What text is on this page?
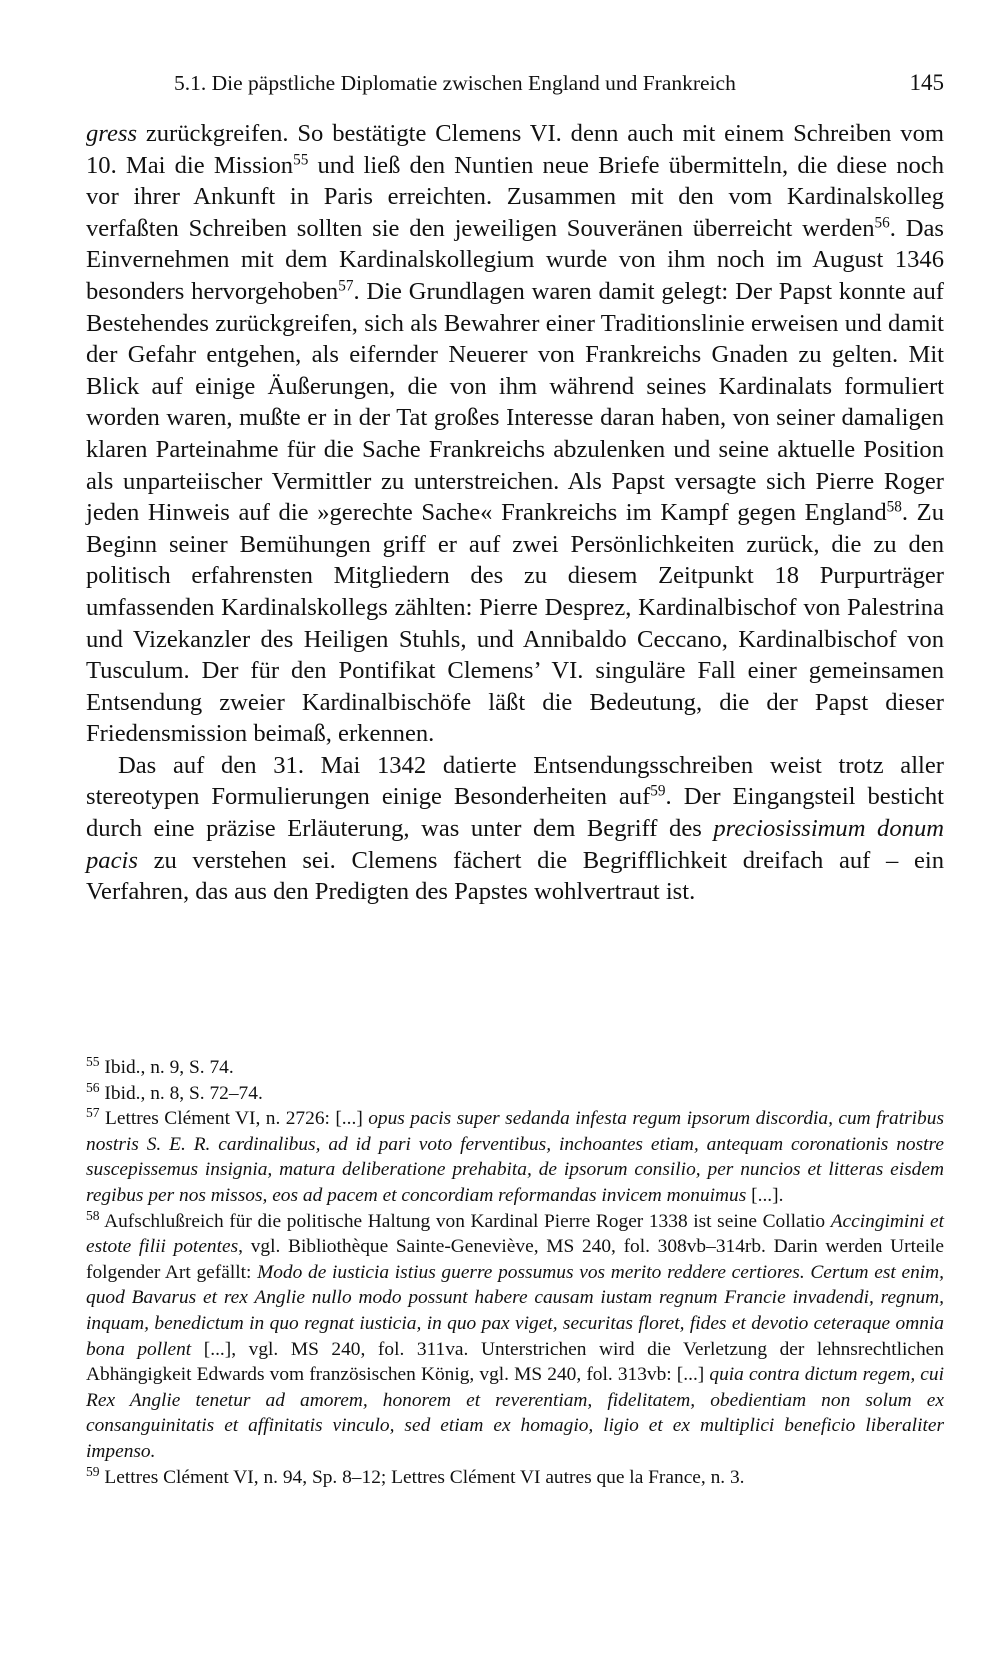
5.1. Die päpstliche Diplomatie zwischen England und Frankreich	145

gress zurückgreifen. So bestätigte Clemens VI. denn auch mit einem Schreiben vom 10. Mai die Mission$^{55}$ und ließ den Nuntien neue Briefe übermitteln, die diese noch vor ihrer Ankunft in Paris erreichten. Zusammen mit den vom Kardinalskolleg verfaßten Schreiben sollten sie den jeweiligen Souveränen überreicht werden$^{56}$. Das Einvernehmen mit dem Kardinalskollegium wurde von ihm noch im August 1346 besonders hervorgehoben$^{57}$. Die Grundlagen waren damit gelegt: Der Papst konnte auf Bestehendes zurückgreifen, sich als Bewahrer einer Traditionslinie erweisen und damit der Gefahr entgehen, als eifernder Neuerer von Frankreichs Gnaden zu gelten. Mit Blick auf einige Äußerungen, die von ihm während seines Kardinalats formuliert worden waren, mußte er in der Tat großes Interesse daran haben, von seiner damaligen klaren Parteinahme für die Sache Frankreichs abzulenken und seine aktuelle Position als unparteiischer Vermittler zu unterstreichen. Als Papst versagte sich Pierre Roger jeden Hinweis auf die »gerechte Sache« Frankreichs im Kampf gegen England$^{58}$. Zu Beginn seiner Bemühungen griff er auf zwei Persönlichkeiten zurück, die zu den politisch erfahrensten Mitgliedern des zu diesem Zeitpunkt 18 Purpurträger umfassenden Kardinalskollegs zählten: Pierre Desprez, Kardinalbischof von Palestrina und Vizekanzler des Heiligen Stuhls, und Annibaldo Ceccano, Kardinalbischof von Tusculum. Der für den Pontifikat Clemens’ VI. singuläre Fall einer gemeinsamen Entsendung zweier Kardinalbischöfe läßt die Bedeutung, die der Papst dieser Friedensmission beimaß, erkennen.

Das auf den 31. Mai 1342 datierte Entsendungsschreiben weist trotz aller stereotypen Formulierungen einige Besonderheiten auf$^{59}$. Der Eingangsteil besticht durch eine präzise Erläuterung, was unter dem Begriff des preciosissimum donum pacis zu verstehen sei. Clemens fächert die Begrifflichkeit dreifach auf – ein Verfahren, das aus den Predigten des Papstes wohlvertraut ist.

$^{55}$ Ibid., n. 9, S. 74.

$^{56}$ Ibid., n. 8, S. 72–74.

$^{57}$ Lettres Clément VI, n. 2726: [...] opus pacis super sedanda infesta regum ipsorum discordia, cum fratribus nostris S. E. R. cardinalibus, ad id pari voto ferventibus, inchoantes etiam, antequam coronationis nostre suscepissemus insignia, matura deliberatione prehabita, de ipsorum consilio, per nuncios et litteras eisdem regibus per nos missos, eos ad pacem et concordiam reformandas invicem monuimus [...].

$^{58}$ Aufschlußreich für die politische Haltung von Kardinal Pierre Roger 1338 ist seine Collatio Accingimini et estote filii potentes, vgl. Bibliothèque Sainte-Geneviève, MS 240, fol. 308vb–314rb. Darin werden Urteile folgender Art gefällt: Modo de iusticia istius guerre possumus vos merito reddere certiores. Certum est enim, quod Bavarus et rex Anglie nullo modo possunt habere causam iustam regnum Francie invadendi, regnum, inquam, benedictum in quo regnat iusticia, in quo pax viget, securitas floret, fides et devotio ceteraque omnia bona pollent [...], vgl. MS 240, fol. 311va. Unterstrichen wird die Verletzung der lehnsrechtlichen Abhängigkeit Edwards vom französischen König, vgl. MS 240, fol. 313vb: [...] quia contra dictum regem, cui Rex Anglie tenetur ad amorem, honorem et reverentiam, fidelitatem, obedientiam non solum ex consanguinitatis et affinitatis vinculo, sed etiam ex homagio, ligio et ex multiplici beneficio liberaliter impenso.

$^{59}$ Lettres Clément VI, n. 94, Sp. 8–12; Lettres Clément VI autres que la France, n. 3.
